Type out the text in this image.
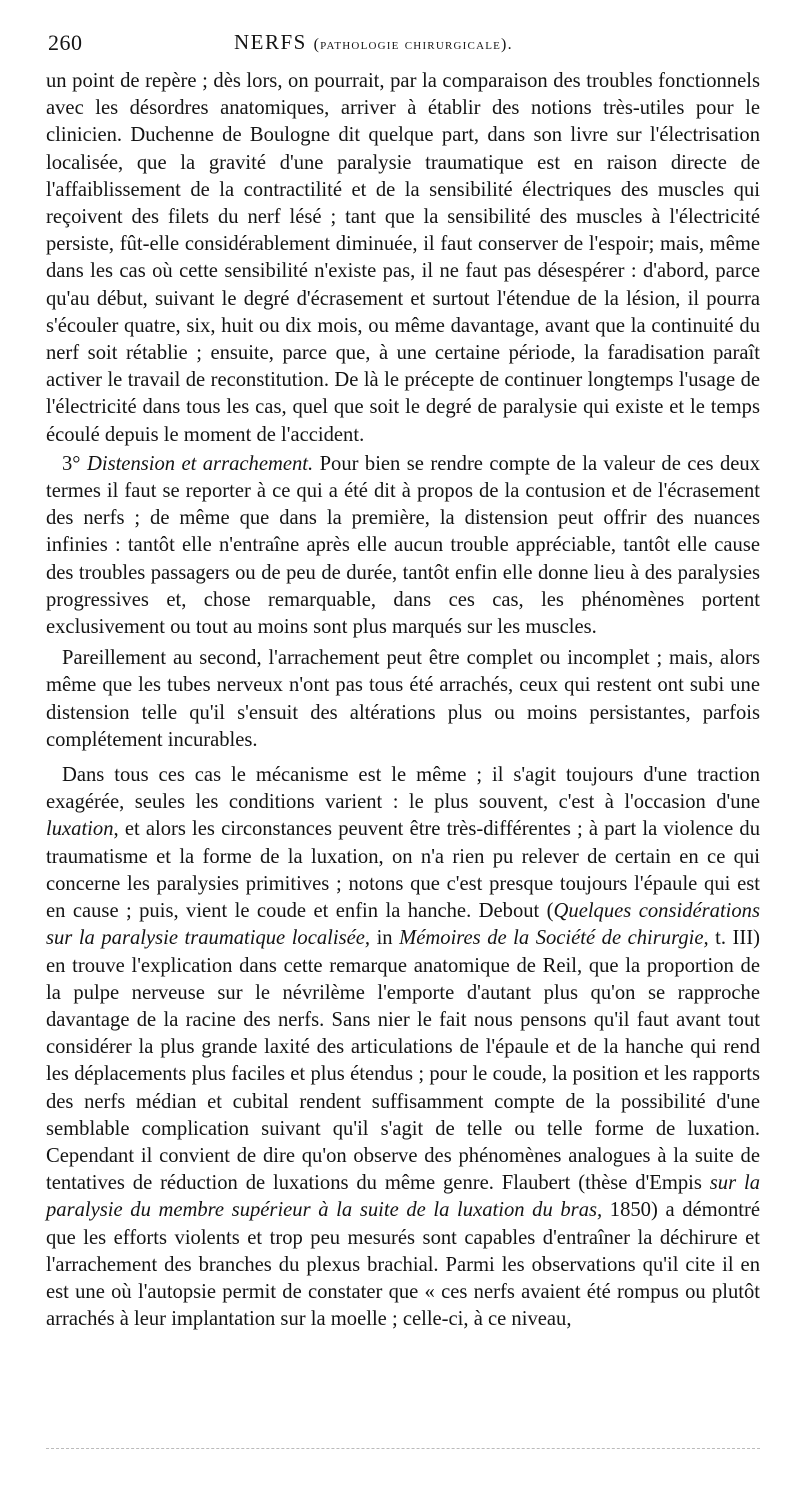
260	NERFS (pathologie chirurgicale).

un point de repère ; dès lors, on pourrait, par la comparaison des troubles fonctionnels avec les désordres anatomiques, arriver à établir des notions très-utiles pour le clinicien. Duchenne de Boulogne dit quelque part, dans son livre sur l'électrisation localisée, que la gravité d'une paralysie traumatique est en raison directe de l'affaiblissement de la contractilité et de la sensibilité électriques des muscles qui reçoivent des filets du nerf lésé ; tant que la sensibilité des muscles à l'électricité persiste, fût-elle considérablement diminuée, il faut conserver de l'espoir; mais, même dans les cas où cette sensibilité n'existe pas, il ne faut pas désespérer : d'abord, parce qu'au début, suivant le degré d'écrasement et surtout l'étendue de la lésion, il pourra s'écouler quatre, six, huit ou dix mois, ou même davantage, avant que la continuité du nerf soit rétablie ; ensuite, parce que, à une certaine période, la faradisation paraît activer le travail de reconstitution. De là le précepte de continuer longtemps l'usage de l'électricité dans tous les cas, quel que soit le degré de paralysie qui existe et le temps écoulé depuis le moment de l'accident.

3° Distension et arrachement. Pour bien se rendre compte de la valeur de ces deux termes il faut se reporter à ce qui a été dit à propos de la contusion et de l'écrasement des nerfs ; de même que dans la première, la distension peut offrir des nuances infinies : tantôt elle n'entraîne après elle aucun trouble appréciable, tantôt elle cause des troubles passagers ou de peu de durée, tantôt enfin elle donne lieu à des paralysies progressives et, chose remarquable, dans ces cas, les phénomènes portent exclusivement ou tout au moins sont plus marqués sur les muscles.

Pareillement au second, l'arrachement peut être complet ou incomplet ; mais, alors même que les tubes nerveux n'ont pas tous été arrachés, ceux qui restent ont subi une distension telle qu'il s'ensuit des altérations plus ou moins persistantes, parfois complétement incurables.

Dans tous ces cas le mécanisme est le même ; il s'agit toujours d'une traction exagérée, seules les conditions varient : le plus souvent, c'est à l'occasion d'une luxation, et alors les circonstances peuvent être très-différentes ; à part la violence du traumatisme et la forme de la luxation, on n'a rien pu relever de certain en ce qui concerne les paralysies primitives ; notons que c'est presque toujours l'épaule qui est en cause ; puis, vient le coude et enfin la hanche. Debout (Quelques considérations sur la paralysie traumatique localisée, in Mémoires de la Société de chirurgie, t. III) en trouve l'explication dans cette remarque anatomique de Reil, que la proportion de la pulpe nerveuse sur le névrilème l'emporte d'autant plus qu'on se rapproche davantage de la racine des nerfs. Sans nier le fait nous pensons qu'il faut avant tout considérer la plus grande laxité des articulations de l'épaule et de la hanche qui rend les déplacements plus faciles et plus étendus ; pour le coude, la position et les rapports des nerfs médian et cubital rendent suffisamment compte de la possibilité d'une semblable complication suivant qu'il s'agit de telle ou telle forme de luxation. Cependant il convient de dire qu'on observe des phénomènes analogues à la suite de tentatives de réduction de luxations du même genre. Flaubert (thèse d'Empis sur la paralysie du membre supérieur à la suite de la luxation du bras, 1850) a démontré que les efforts violents et trop peu mesurés sont capables d'entraîner la déchirure et l'arrachement des branches du plexus brachial. Parmi les observations qu'il cite il en est une où l'autopsie permit de constater que « ces nerfs avaient été rompus ou plutôt arrachés à leur implantation sur la moelle ; celle-ci, à ce niveau,
